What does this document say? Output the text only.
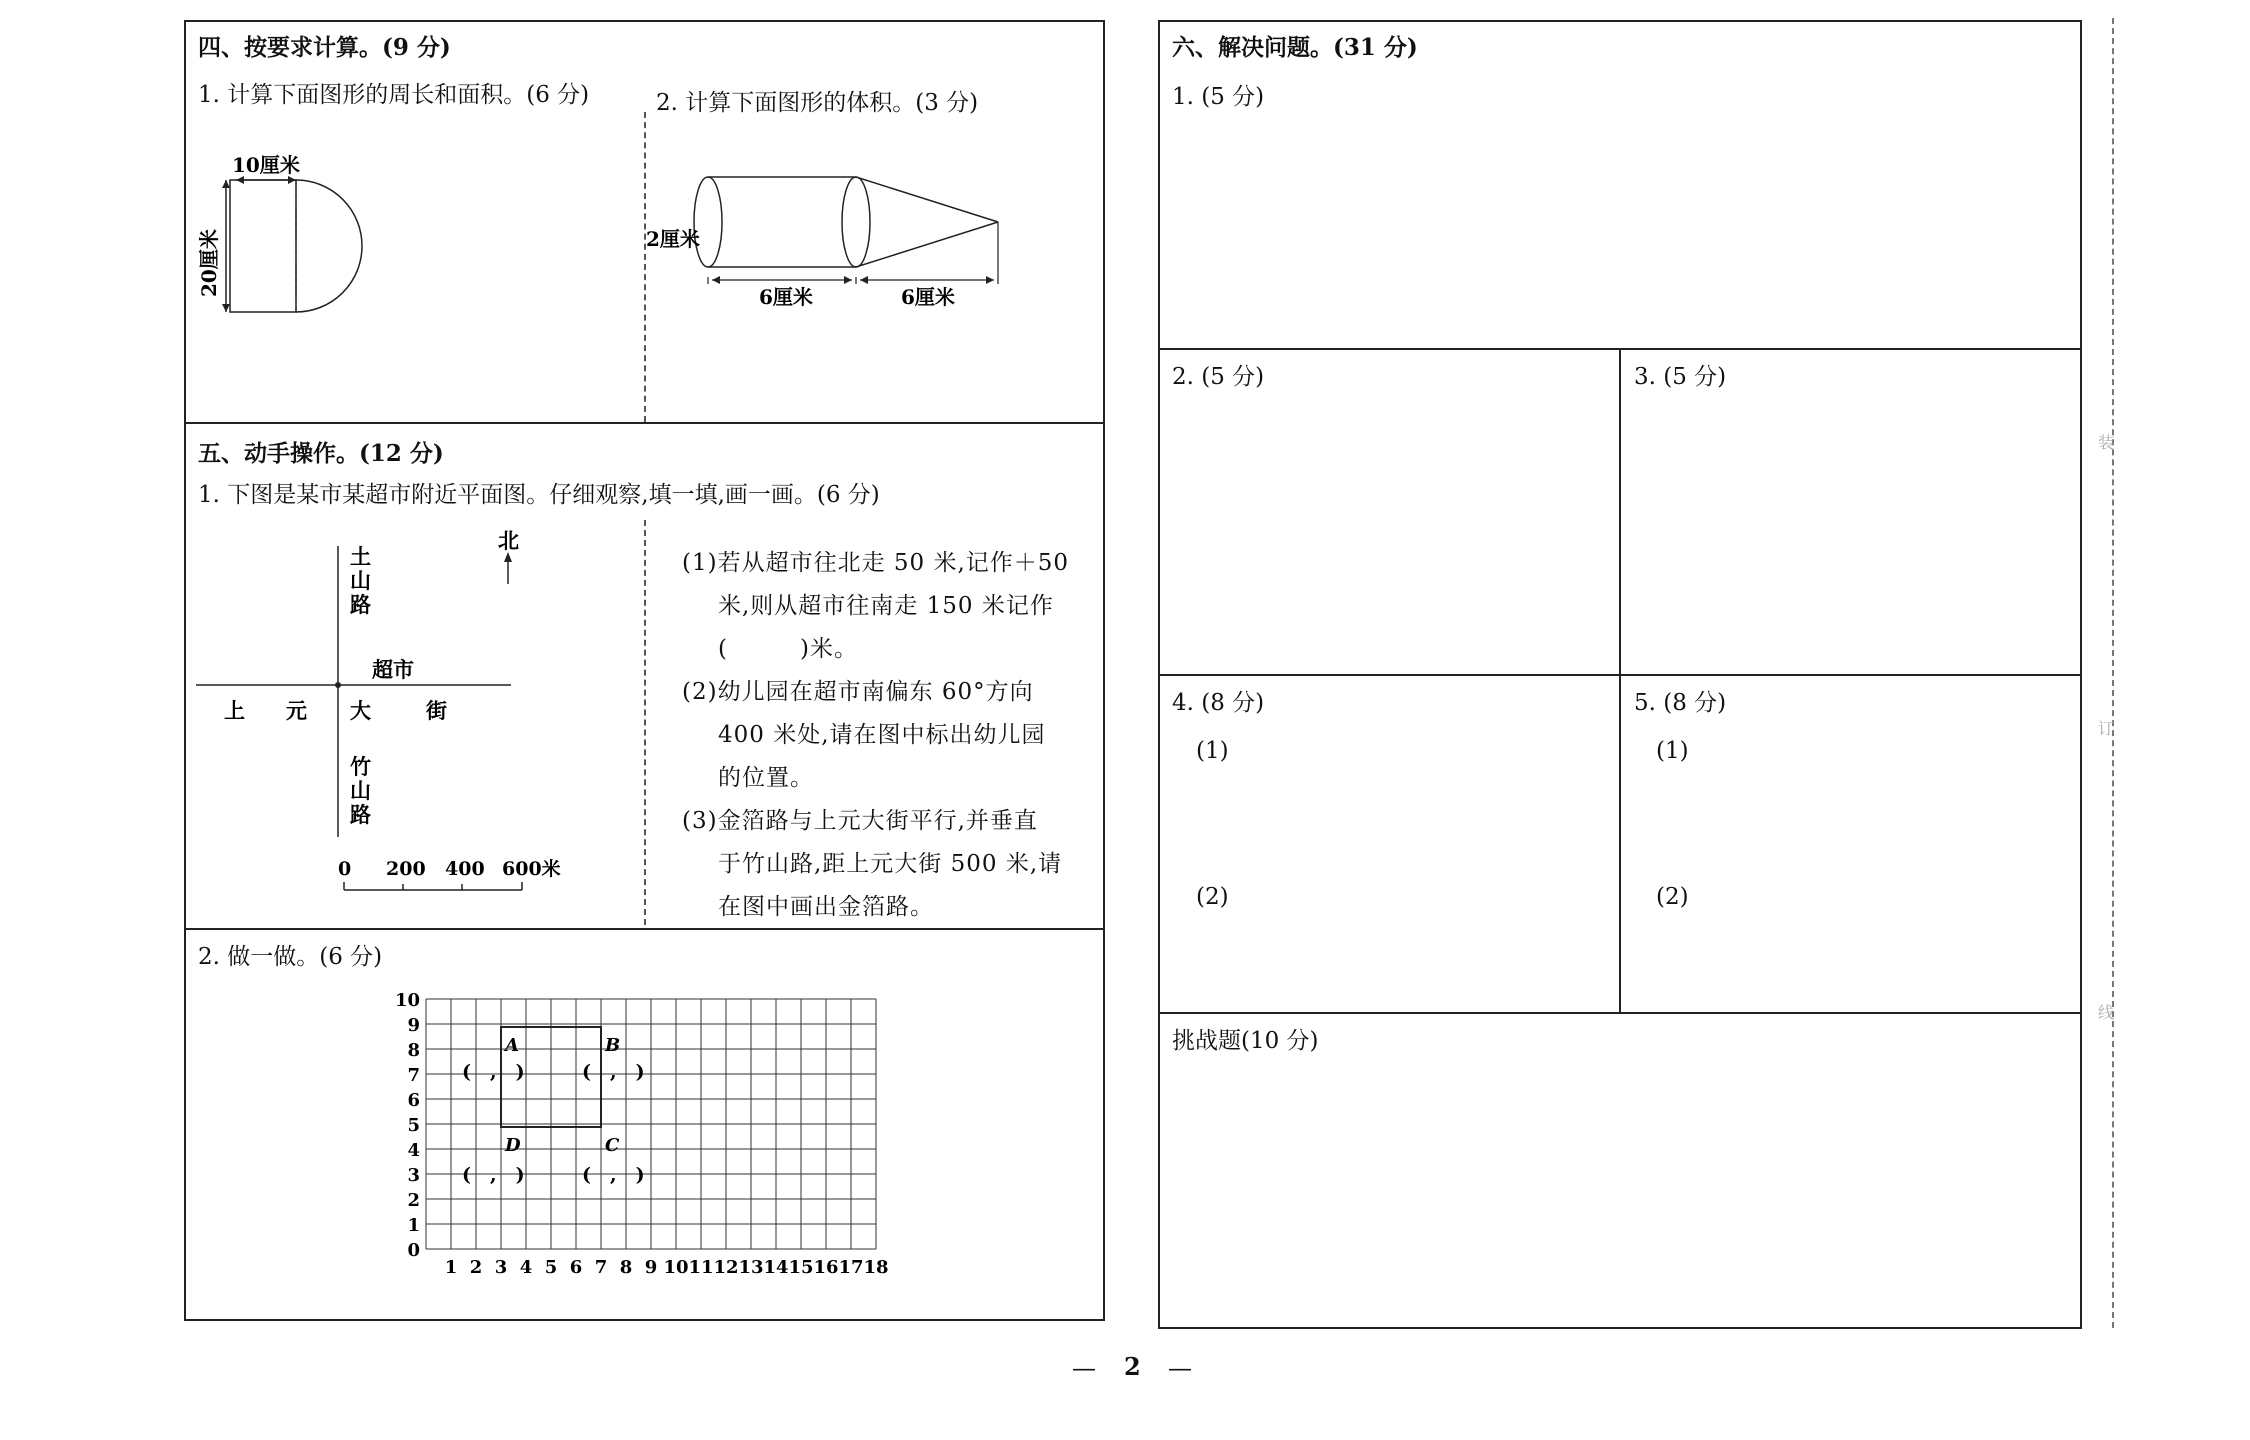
四、按要求计算。(9 分)
1. 计算下面图形的周长和面积。(6 分)	2. 计算下面图形的体积。(3 分)
10厘米
20厘米	2厘米
6厘米	6厘米
五、动手操作。(12 分)
1. 下图是某市某超市附近平面图。仔细观察,填一填,画一画。(6 分)
北
土
山
路
超市
上 元 大	街
竹
山
路
0 200 400 600米
(1)若从超市往北走 50 米,记作＋50
米,则从超市往南走 150 米记作
(　　　)米。
(2)幼儿园在超市南偏东 60°方向
400 米处,请在图中标出幼儿园
的位置。
(3)金箔路与上元大街平行,并垂直
于竹山路,距上元大街 500 米,请
在图中画出金箔路。
2. 做一做。(6 分)
10
9
8
7
6
5
4
3
2
1
0
1 2 3 4 5 6 7 8 9 10 11 12 13 14 15 16 17 18
A	B
D	C
(　,　)	(　,　)
(　,　)	(　,　)
六、解决问题。(31 分)
1. (5 分)
2. (5 分)	3. (5 分)
4. (8 分)	5. (8 分)
(1)
(2)
(1)
(2)
挑战题(10 分)
装
订
线
— 2 —
